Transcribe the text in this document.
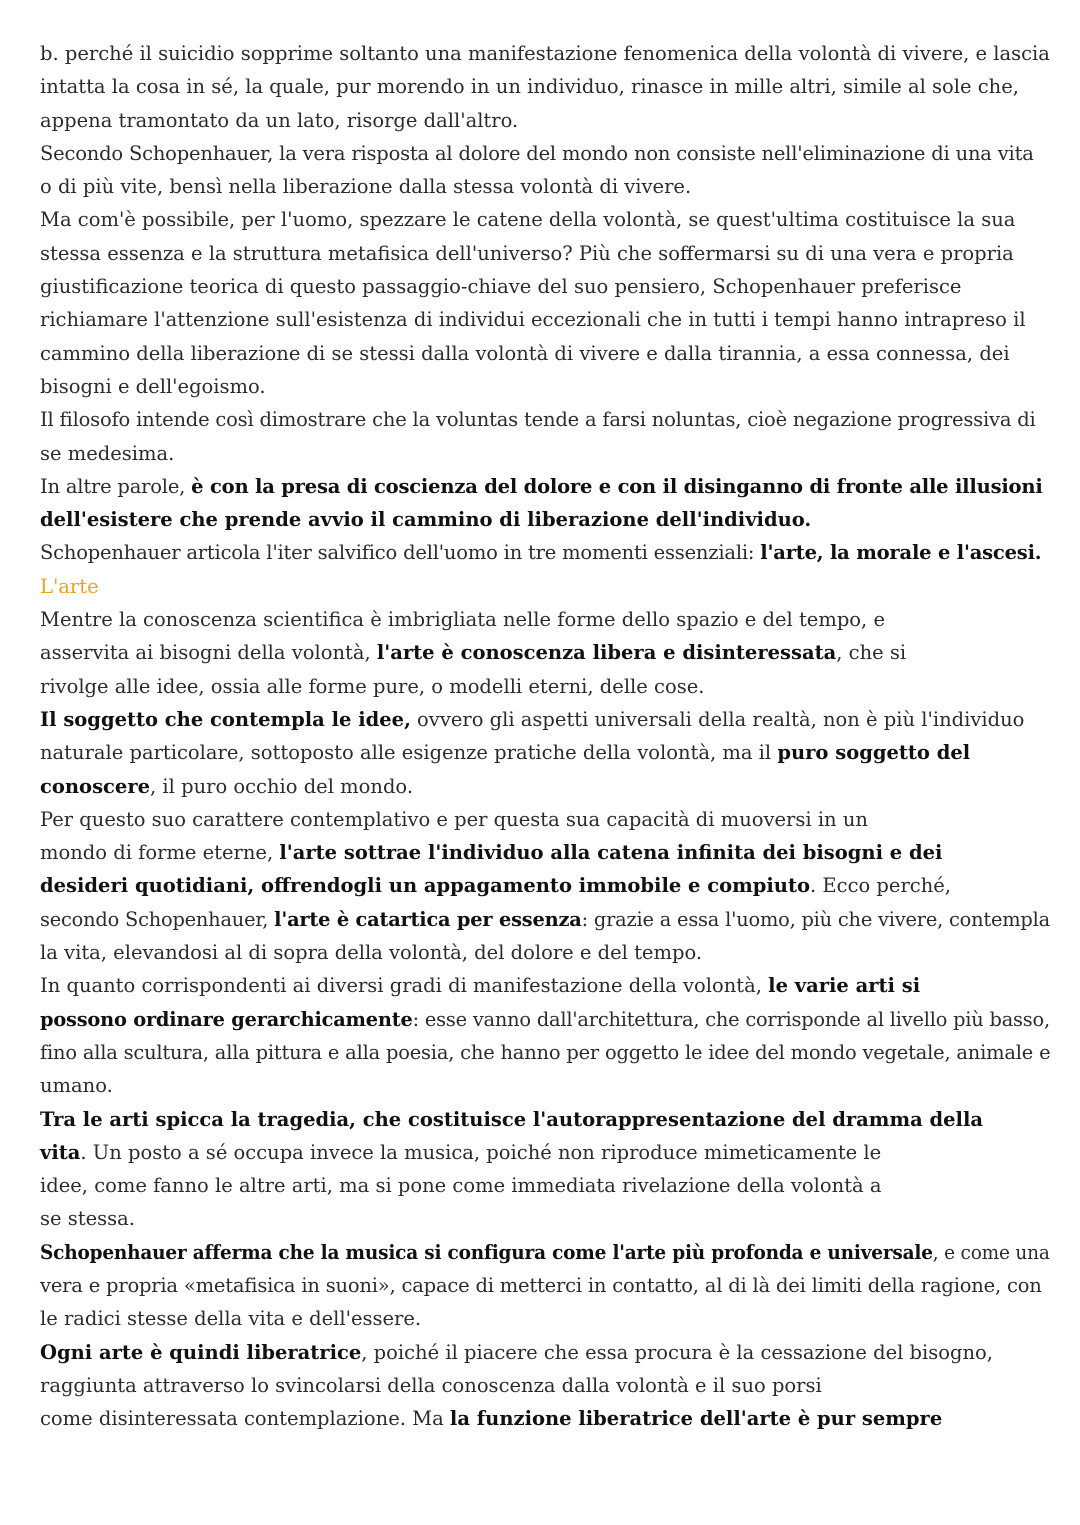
b. perché il suicidio sopprime soltanto una manifestazione fenomenica della volontà di vivere, e lascia
intatta la cosa in sé, la quale, pur morendo in un individuo, rinasce in mille altri, simile al sole che,
appena tramontato da un lato, risorge dall'altro.
Secondo Schopenhauer, la vera risposta al dolore del mondo non consiste nell'eliminazione di una vita
o di più vite, bensì nella liberazione dalla stessa volontà di vivere.
Ma com'è possibile, per l'uomo, spezzare le catene della volontà, se quest'ultima costituisce la sua
stessa essenza e la struttura metafisica dell'universo? Più che soffermarsi su di una vera e propria
giustificazione teorica di questo passaggio-chiave del suo pensiero, Schopenhauer preferisce
richiamare l'attenzione sull'esistenza di individui eccezionali che in tutti i tempi hanno intrapreso il
cammino della liberazione di se stessi dalla volontà di vivere e dalla tirannia, a essa connessa, dei
bisogni e dell'egoismo.
Il filosofo intende così dimostrare che la voluntas tende a farsi noluntas, cioè negazione progressiva di
se medesima.
In altre parole, è con la presa di coscienza del dolore e con il disinganno di fronte alle illusioni
dell'esistere che prende avvio il cammino di liberazione dell'individuo.
Schopenhauer articola l'iter salvifico dell'uomo in tre momenti essenziali: l'arte, la morale e l'ascesi.
L'arte
Mentre la conoscenza scientifica è imbrigliata nelle forme dello spazio e del tempo, e
asservita ai bisogni della volontà, l'arte è conoscenza libera e disinteressata, che si
rivolge alle idee, ossia alle forme pure, o modelli eterni, delle cose.
Il soggetto che contempla le idee, ovvero gli aspetti universali della realtà, non è più l'individuo
naturale particolare, sottoposto alle esigenze pratiche della volontà, ma il puro soggetto del
conoscere, il puro occhio del mondo.
Per questo suo carattere contemplativo e per questa sua capacità di muoversi in un
mondo di forme eterne, l'arte sottrae l'individuo alla catena infinita dei bisogni e dei
desideri quotidiani, offrendogli un appagamento immobile e compiuto. Ecco perché,
secondo Schopenhauer, l'arte è catartica per essenza: grazie a essa l'uomo, più che vivere, contempla
la vita, elevandosi al di sopra della volontà, del dolore e del tempo.
In quanto corrispondenti ai diversi gradi di manifestazione della volontà, le varie arti si
possono ordinare gerarchicamente: esse vanno dall'architettura, che corrisponde al livello più basso,
fino alla scultura, alla pittura e alla poesia, che hanno per oggetto le idee del mondo vegetale, animale e
umano.
Tra le arti spicca la tragedia, che costituisce l'autorappresentazione del dramma della
vita. Un posto a sé occupa invece la musica, poiché non riproduce mimeticamente le
idee, come fanno le altre arti, ma si pone come immediata rivelazione della volontà a
se stessa.
Schopenhauer afferma che la musica si configura come l'arte più profonda e universale, e come una
vera e propria «metafisica in suoni», capace di metterci in contatto, al di là dei limiti della ragione, con
le radici stesse della vita e dell'essere.
Ogni arte è quindi liberatrice, poiché il piacere che essa procura è la cessazione del bisogno,
raggiunta attraverso lo svincolarsi della conoscenza dalla volontà e il suo porsi
come disinteressata contemplazione. Ma la funzione liberatrice dell'arte è pur sempre
